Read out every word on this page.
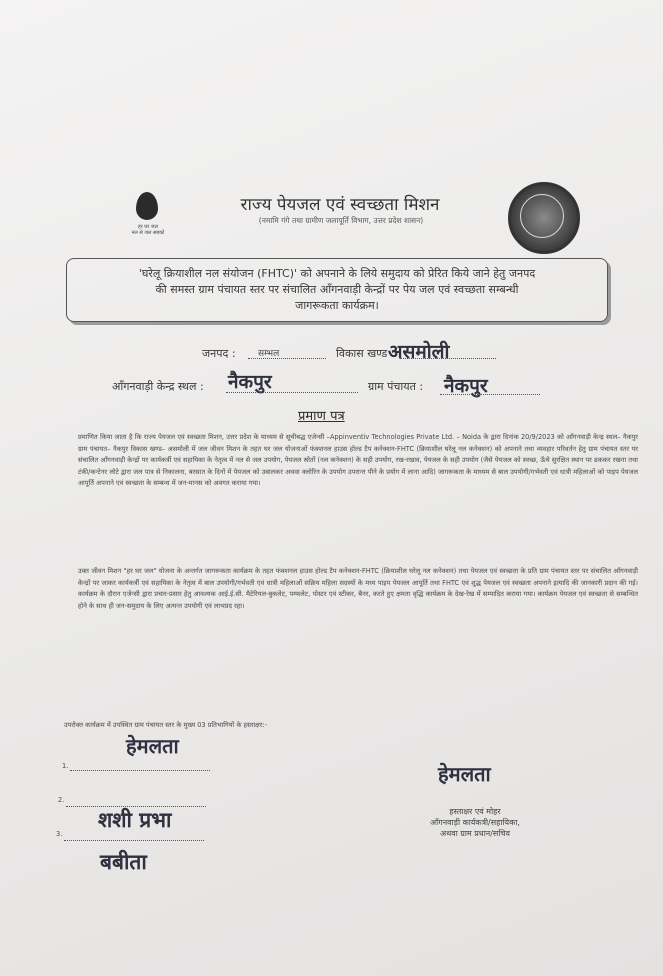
हर घर जल
नल से जल सबको
राज्य पेयजल एवं स्वच्छता मिशन
(नमामि गंगे तथा ग्रामीण जलापूर्ति विभाग, उत्तर प्रदेश शासन)
'घरेलू क्रियाशील नल संयोजन (FHTC)' को अपनाने के लिये समुदाय को प्रेरित किये जाने हेतु जनपद
की समस्त ग्राम पंचायत स्तर पर संचालित आँगनवाड़ी केन्द्रों पर पेय जल एवं स्वच्छता सम्बन्धी
जागरूकता कार्यक्रम।
जनपद : सम्भल	विकास खण्ड :
असमोली
ऑंगनवाड़ी केन्द्र स्थल : नैकपुर	ग्राम पंचायत : नैकपुर
प्रमाण पत्र
प्रमाणित किया जाता है कि राज्य पेयजल एवं स्वच्छता मिशन, उत्तर प्रदेश के माध्यम से सूचीबद्ध एजेन्सी –Appinventiv Technologies Private Ltd. – Noida के द्वारा दिनांक 20/9/2023 को आँगनवाड़ी केन्द्र स्थल– नैकपुर ग्राम पंचायत– नैकपुर विकास खण्ड– असमोली में जल जीवन मिशन के तहत घर जल योजनाओं फंक्शनल हाउस होल्ड टैप कनेक्शन-FHTC (क्रियाशील घरेलू नल कनेक्शन) को अपनाने तथा व्यवहार परिवर्तन हेतु ग्राम पंचायत स्तर पर संचालित आँगनवाड़ी केन्द्रों पर कार्यकर्त्री एवं सहायिका के नेतृत्व में नल से जल उपयोग, पेयजल स्रोतों (नल कनेक्शन) के सही उपयोग, रख-रखाव, पेयजल के सही उपयोग (जैसे पेयजल को स्वच्छ, ऊँचे सुरक्षित स्थान पर ढककर रखना तथा टंकी/कन्टेनर लोटे द्वारा जल पात्र से निकालना, बरसात के दिनों में पेयजल को उबालकर अथवा क्लोरिन के उपयोग उपरान्त पीने के प्रयोग में लाना आदि) जागरूकता के माध्यम से बाल उपयोगी/गर्भवती एवं धात्री महिलाओं को पाइप पेयजल आपूर्ति अपनाने एवं स्वच्छता के सम्बन्ध में जन-मानस को अवगत कराया गया।
उक्त जीवन मिशन "हर घर जल" योजना के अन्तर्गत जागरूकता कार्यक्रम के तहत फंक्शनल हाउस होल्ड टैप कनेक्शन-FHTC (क्रियाशील घरेलू नल कनेक्शन) तथा पेयजल एवं स्वच्छता के प्रति ग्राम पंचायत स्तर पर संचालित आँगनवाड़ी केन्द्रों पर जाकर कार्यकर्त्री एवं सहायिका के नेतृत्व में बाल उपयोगी/गर्भवती एवं धात्री महिलाओं सक्रिय महिला सदस्यों के मध्य पाइप पेयजल आपूर्ति तथा FHTC एवं शुद्ध पेयजल एवं स्वच्छता अपनाने इत्यादि की जानकारी प्रदान की गई। कार्यक्रम के दौरान एजेन्सी द्वारा प्रचार-प्रसार हेतु आवश्यक आई.ई.सी. मैटेरियल-बुकलेट, पम्फलेट, पोस्टर एवं स्टीकर, बैनर, करते हुए क्षमता वृद्धि कार्यक्रम के देख-रेख में सम्पादित कराया गया। कार्यक्रम पेयजल एवं स्वच्छता से सम्बन्धित होने के साथ ही जन-समुदाय के लिए अत्यन्त उपयोगी एवं लाभप्रद रहा।
उपरोक्त कार्यक्रम में उपस्थित ग्राम पंचायत स्तर के मुख्य 03 प्रतिभागियों के हस्ताक्षर:-
हेमलता
1.
2.
शशी प्रभा
3.
बबीता
हेमलता
हस्ताक्षर एवं मोहर
आँगनवाड़ी कार्यकत्री/सहायिका,
अथवा ग्राम प्रधान/सचिव
